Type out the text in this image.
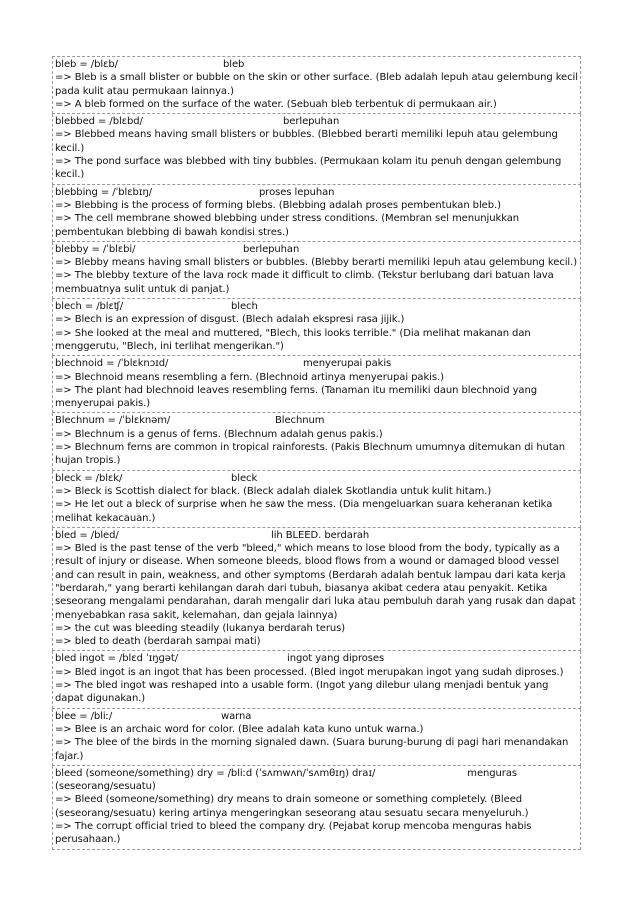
bleb = /blɛb/	bleb
=> Bleb is a small blister or bubble on the skin or other surface. (Bleb adalah lepuh atau gelembung kecil pada kulit atau permukaan lainnya.)
=> A bleb formed on the surface of the water. (Sebuah bleb terbentuk di permukaan air.)
blebbed = /blɛbd/	berlepuhan
=> Blebbed means having small blisters or bubbles. (Blebbed berarti memiliki lepuh atau gelembung kecil.)
=> The pond surface was blebbed with tiny bubbles. (Permukaan kolam itu penuh dengan gelembung kecil.)
blebbing = /ˈblɛbɪŋ/	proses lepuhan
=> Blebbing is the process of forming blebs. (Blebbing adalah proses pembentukan bleb.)
=> The cell membrane showed blebbing under stress conditions. (Membran sel menunjukkan pembentukan blebbing di bawah kondisi stres.)
blebby = /ˈblɛbi/	berlepuhan
=> Blebby means having small blisters or bubbles. (Blebby berarti memiliki lepuh atau gelembung kecil.)
=> The blebby texture of the lava rock made it difficult to climb. (Tekstur berlubang dari batuan lava membuatnya sulit untuk di panjat.)
blech = /blɛʧ/	blech
=> Blech is an expression of disgust. (Blech adalah ekspresi rasa jijik.)
=> She looked at the meal and muttered, "Blech, this looks terrible." (Dia melihat makanan dan menggerutu, "Blech, ini terlihat mengerikan.")
blechnoid = /ˈblɛknɔɪd/	menyerupai pakis
=> Blechnoid means resembling a fern. (Blechnoid artinya menyerupai pakis.)
=> The plant had blechnoid leaves resembling ferns. (Tanaman itu memiliki daun blechnoid yang menyerupai pakis.)
Blechnum = /ˈblɛknəm/	Blechnum
=> Blechnum is a genus of ferns. (Blechnum adalah genus pakis.)
=> Blechnum ferns are common in tropical rainforests. (Pakis Blechnum umumnya ditemukan di hutan hujan tropis.)
bleck = /blɛk/	bleck
=> Bleck is Scottish dialect for black. (Bleck adalah dialek Skotlandia untuk kulit hitam.)
=> He let out a bleck of surprise when he saw the mess. (Dia mengeluarkan suara keheranan ketika melihat kekacauan.)
bled = /bled/	lih BLEED. berdarah
=> Bled is the past tense of the verb "bleed," which means to lose blood from the body, typically as a result of injury or disease. When someone bleeds, blood flows from a wound or damaged blood vessel and can result in pain, weakness, and other symptoms (Berdarah adalah bentuk lampau dari kata kerja "berdarah," yang berarti kehilangan darah dari tubuh, biasanya akibat cedera atau penyakit. Ketika seseorang mengalami pendarahan, darah mengalir dari luka atau pembuluh darah yang rusak dan dapat menyebabkan rasa sakit, kelemahan, dan gejala lainnya)
=> the cut was bleeding steadily (lukanya berdarah terus)
=> bled to death (berdarah sampai mati)
bled ingot = /blɛd ˈɪŋɡət/	ingot yang diproses
=> Bled ingot is an ingot that has been processed. (Bled ingot merupakan ingot yang sudah diproses.)
=> The bled ingot was reshaped into a usable form. (Ingot yang dilebur ulang menjadi bentuk yang dapat digunakan.)
blee = /bliː/	warna
=> Blee is an archaic word for color. (Blee adalah kata kuno untuk warna.)
=> The blee of the birds in the morning signaled dawn. (Suara burung-burung di pagi hari menandakan fajar.)
bleed (someone/something) dry = /bliːd (ˈsʌmwʌn/ˈsʌmθɪŋ) draɪ/	menguras (seseorang/sesuatu)
=> Bleed (someone/something) dry means to drain someone or something completely. (Bleed (seseorang/sesuatu) kering artinya mengeringkan seseorang atau sesuatu secara menyeluruh.)
=> The corrupt official tried to bleed the company dry. (Pejabat korup mencoba menguras habis perusahaan.)
